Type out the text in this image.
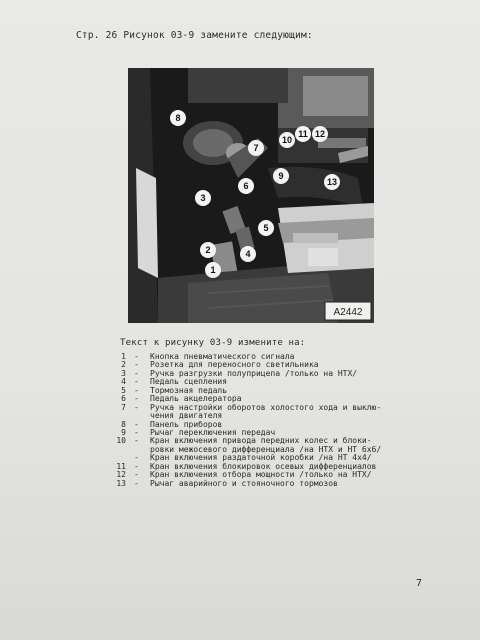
Стр. 26 Рисунок 03-9 замените следующим:
A2442
8
7
10
11 12
9
13
6
3
5
2	4
1
Текст к рисунку 03-9 измените на:
1 - Кнопка пневматического сигнала
2 - Розетка для переносного светильника
3 - Ручка разгрузки полуприцепа /только на НТХ/
4 - Педаль сцепления
5 - Тормозная педаль
6 - Педаль акцелератора
7 - Ручка настройки оборотов холостого хода и выклю-
чения двигателя
8 - Панель приборов
9 - Рычаг переключения передач
10 - Кран включения привода передних колес и блоки-
ровки межосевого дифференциала /на НТХ и НТ 6х6/
- Кран включения раздаточной коробки /на НТ 4х4/
11 - Кран включения блокировок осевых дифференциалов
12 - Кран включения отбора мощности /только на НТХ/
13 - Рычаг аварийного и стояночного тормозов
7
